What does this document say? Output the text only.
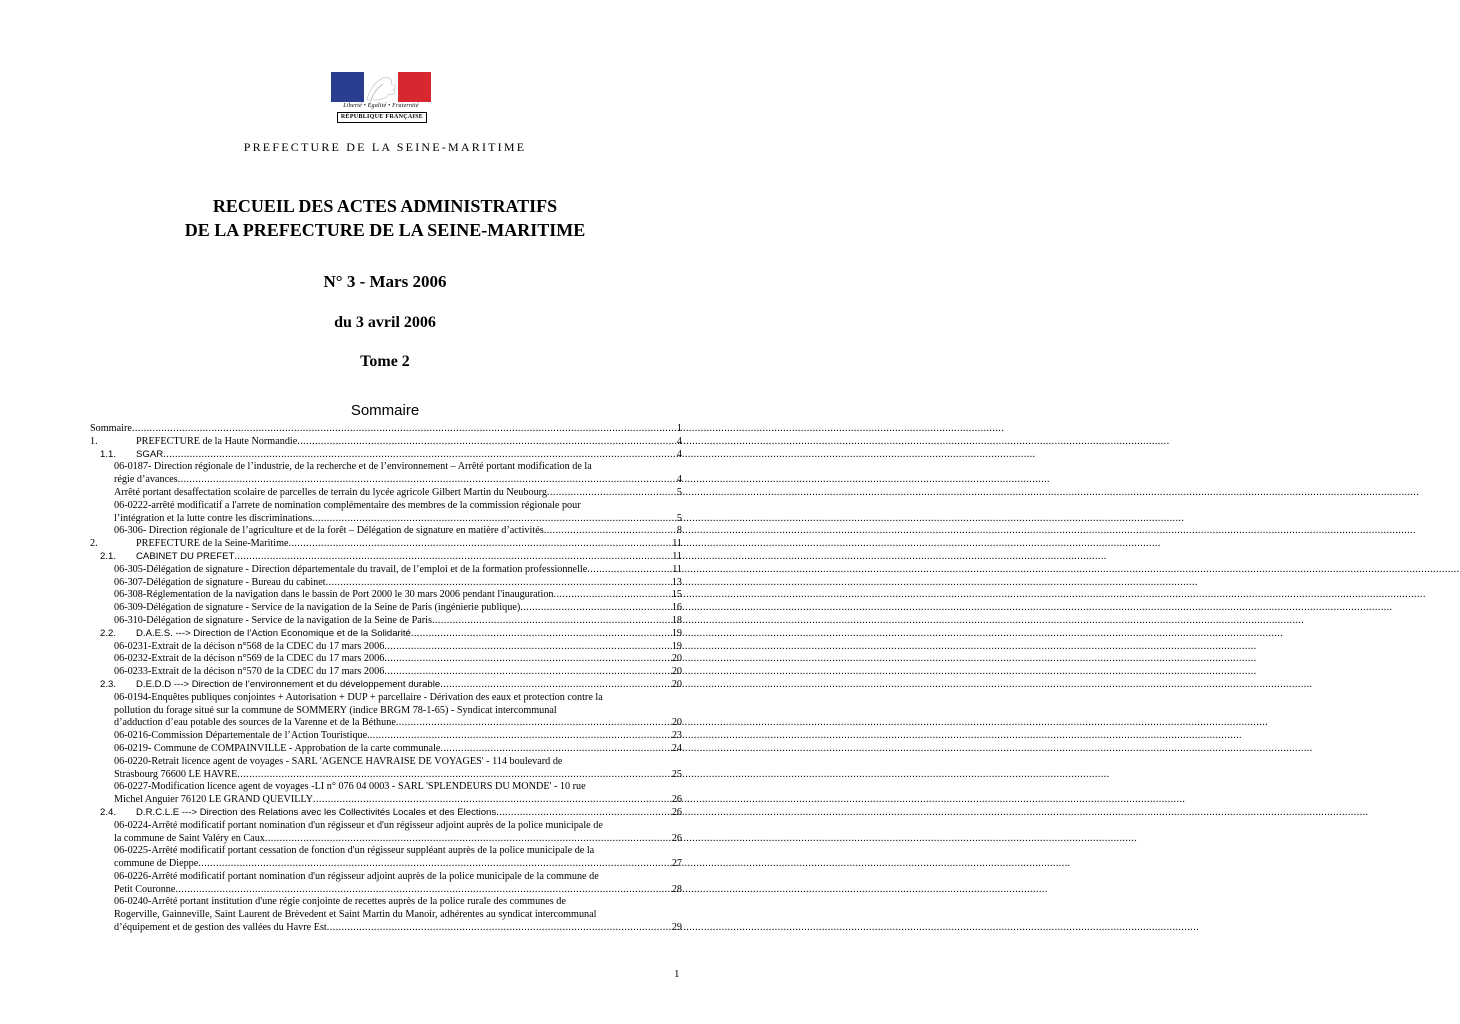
Liberté • Égalité • Fraternité
RÉPUBLIQUE FRANÇAISE
PREFECTURE DE LA SEINE-MARITIME
RECUEIL DES ACTES ADMINISTRATIFS
DE LA PREFECTURE DE LA SEINE-MARITIME
N° 3 - Mars 2006
du 3 avril 2006
Tome 2
Sommaire
Sommaire .....	1
1.	PREFECTURE de la Haute Normandie .....	4
1.1.	SGAR .....	4
06-0187- Direction régionale de l’industrie, de la recherche et de l’environnement – Arrêté portant modification de la
régie d’avances .....	4
Arrêté portant desaffectation scolaire de parcelles de terrain du lycée agricole Gilbert Martin du Neubourg .....	5
06-0222-arrêté modificatif a l'arrete de nomination complémentaire des membres de la commission régionale pour
l’intégration et la lutte contre les discriminations .....	5
06-306- Direction régionale de l’agriculture et de la forêt – Délégation de signature en matière d’activités .....	8
2.	PREFECTURE de la Seine-Maritime .....	11
2.1.	CABINET DU PREFET .....	11
06-305-Délégation de signature - Direction départementale du travail, de l’emploi et de la formation professionnelle .....	11
06-307-Délégation de signature - Bureau du cabinet .....	13
06-308-Réglementation de la navigation dans le bassin de Port 2000 le 30 mars 2006 pendant l'inauguration .....	15
06-309-Délégation de signature - Service de la navigation de la Seine de Paris (ingénierie publique) .....	16
06-310-Délégation de signature - Service de la navigation de la Seine de Paris .....	18
2.2.	D.A.E.S. ---> Direction de l’Action Economique et de la Solidarité .....	19
06-0231-Extrait de la décison n°568 de la CDEC du 17 mars 2006 .....	19
06-0232-Extrait de la décison n°569 de la CDEC du 17 mars 2006 .....	20
06-0233-Extrait de la décison n°570 de la CDEC du 17 mars 2006 .....	20
2.3.	D.E.D.D ---> Direction de l’environnement et du développement durable .....	20
06-0194-Enquêtes publiques conjointes + Autorisation + DUP + parcellaire - Dérivation des eaux et protection contre la
pollution du forage situé sur la commune de SOMMERY (indice BRGM 78-1-65) - Syndicat intercommunal
d’adduction d’eau potable des sources de la Varenne et de la Béthune .....	20
06-0216-Commission Départementale de l’Action Touristique. .....	23
06-0219- Commune de COMPAINVILLE - Approbation de la carte communale .....	24
06-0220-Retrait licence agent de voyages - SARL 'AGENCE HAVRAISE DE VOYAGES' - 114 boulevard de
Strasbourg 76600 LE HAVRE .....	25
06-0227-Modification licence agent de voyages -LI n° 076 04 0003 - SARL 'SPLENDEURS DU MONDE' - 10 rue
Michel Anguier 76120 LE GRAND QUEVILLY .....	26
2.4.	D.R.C.L.E ---> Direction des Relations avec les Collectivités Locales et des Elections .....	26
06-0224-Arrêté modificatif portant nomination d'un régisseur et d'un régisseur adjoint auprès de la police municipale de
la commune de Saint Valéry en Caux .....	26
06-0225-Arrêté modificatif portant cessation de fonction d'un régisseur suppléant auprès de la police municipale de la
commune de Dieppe .....	27
06-0226-Arrêté modificatif portant nomination d'un régisseur adjoint auprès de la police municipale de la commune de
Petit Couronne .....	28
06-0240-Arrêté portant institution d'une régie conjointe de recettes auprès de la police rurale des communes de
Rogerville, Gainneville, Saint Laurent de Brèvedent et Saint Martin du Manoir, adhérentes au syndicat intercommunal
d’équipement et de gestion des vallées du Havre Est .....	29
1
